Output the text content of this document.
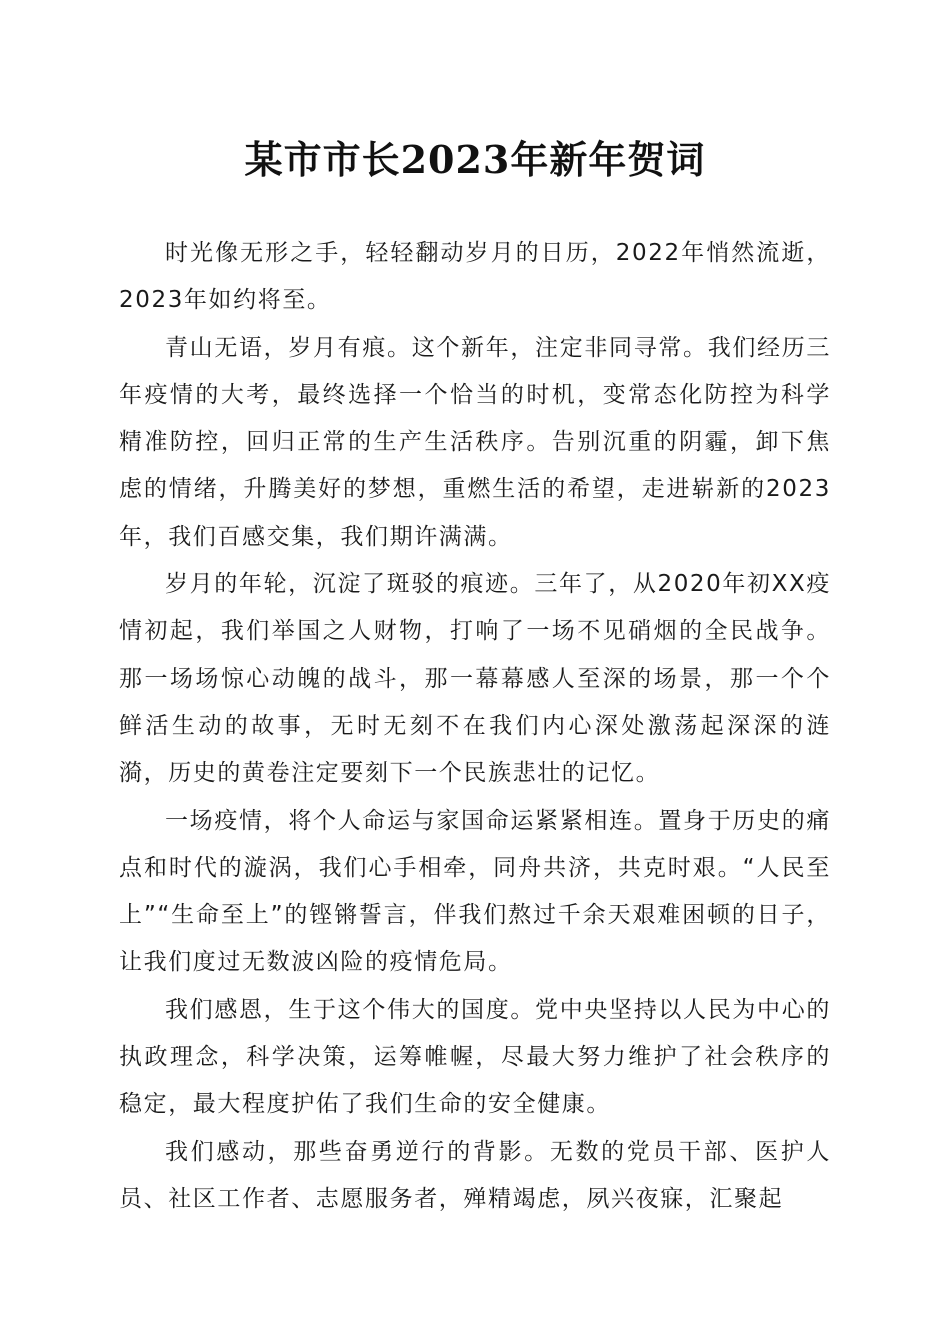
某市市长2023年新年贺词

时光像无形之手，轻轻翻动岁月的日历，2022年悄然流逝，2023年如约将至。

青山无语，岁月有痕。这个新年，注定非同寻常。我们经历三年疫情的大考，最终选择一个恰当的时机，变常态化防控为科学精准防控，回归正常的生产生活秩序。告别沉重的阴霾，卸下焦虑的情绪，升腾美好的梦想，重燃生活的希望，走进崭新的2023年，我们百感交集，我们期许满满。

岁月的年轮，沉淀了斑驳的痕迹。三年了，从2020年初XX疫情初起，我们举国之人财物，打响了一场不见硝烟的全民战争。那一场场惊心动魄的战斗，那一幕幕感人至深的场景，那一个个鲜活生动的故事，无时无刻不在我们内心深处激荡起深深的涟漪，历史的黄卷注定要刻下一个民族悲壮的记忆。

一场疫情，将个人命运与家国命运紧紧相连。置身于历史的痛点和时代的漩涡，我们心手相牵，同舟共济，共克时艰。“人民至上”“生命至上”的铿锵誓言，伴我们熬过千余天艰难困顿的日子，让我们度过无数波凶险的疫情危局。

我们感恩，生于这个伟大的国度。党中央坚持以人民为中心的执政理念，科学决策，运筹帷幄，尽最大努力维护了社会秩序的稳定，最大程度护佑了我们生命的安全健康。

我们感动，那些奋勇逆行的背影。无数的党员干部、医护人员、社区工作者、志愿服务者，殚精竭虑，夙兴夜寐，汇聚起
